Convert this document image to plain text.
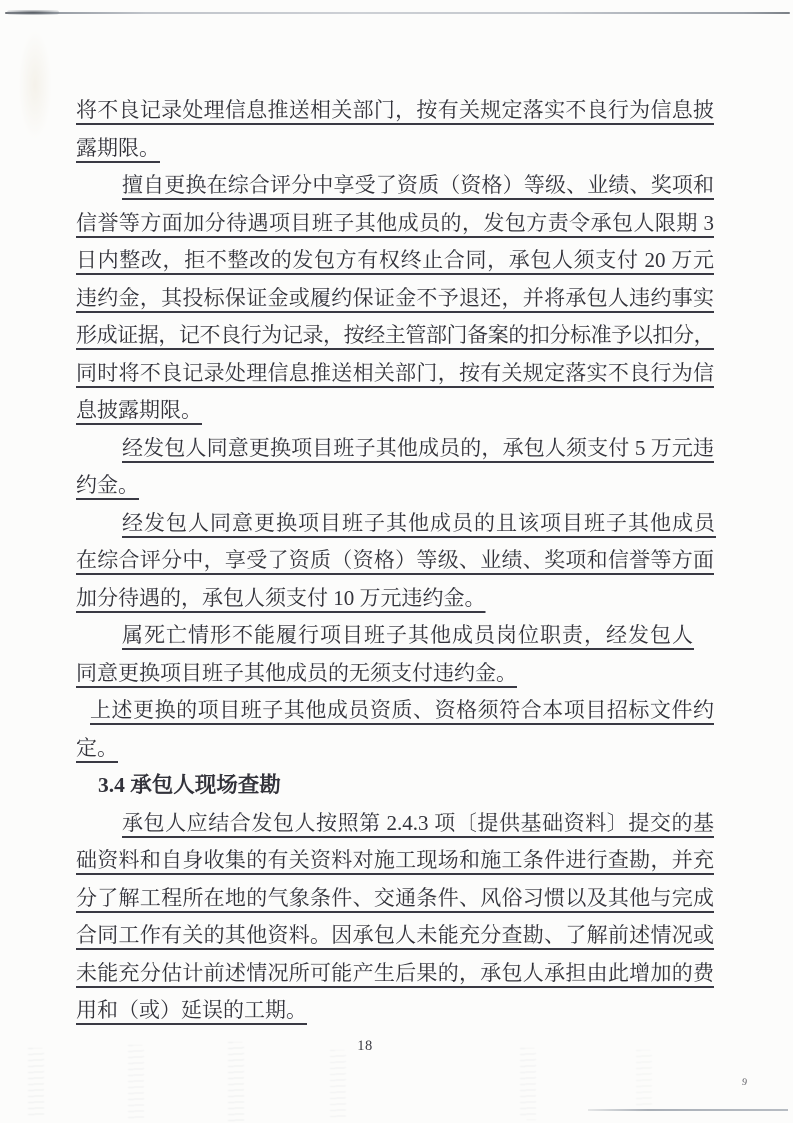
将不良记录处理信息推送相关部门，按有关规定落实不良行为信息披
露期限。
擅自更换在综合评分中享受了资质（资格）等级、业绩、奖项和
信誉等方面加分待遇项目班子其他成员的，发包方责令承包人限期 3
日内整改，拒不整改的发包方有权终止合同，承包人须支付 20 万元
违约金，其投标保证金或履约保证金不予退还，并将承包人违约事实
形成证据，记不良行为记录，按经主管部门备案的扣分标准予以扣分，
同时将不良记录处理信息推送相关部门，按有关规定落实不良行为信
息披露期限。
经发包人同意更换项目班子其他成员的，承包人须支付 5 万元违
约金。
经发包人同意更换项目班子其他成员的且该项目班子其他成员
在综合评分中，享受了资质（资格）等级、业绩、奖项和信誉等方面
加分待遇的，承包人须支付 10 万元违约金。
属死亡情形不能履行项目班子其他成员岗位职责，经发包人
同意更换项目班子其他成员的无须支付违约金。
上述更换的项目班子其他成员资质、资格须符合本项目招标文件约
定。
3.4 承包人现场查勘
承包人应结合发包人按照第 2.4.3 项〔提供基础资料〕提交的基
础资料和自身收集的有关资料对施工现场和施工条件进行查勘，并充
分了解工程所在地的气象条件、交通条件、风俗习惯以及其他与完成
合同工作有关的其他资料。因承包人未能充分查勘、了解前述情况或
未能充分估计前述情况所可能产生后果的，承包人承担由此增加的费
用和（或）延误的工期。
18
9
